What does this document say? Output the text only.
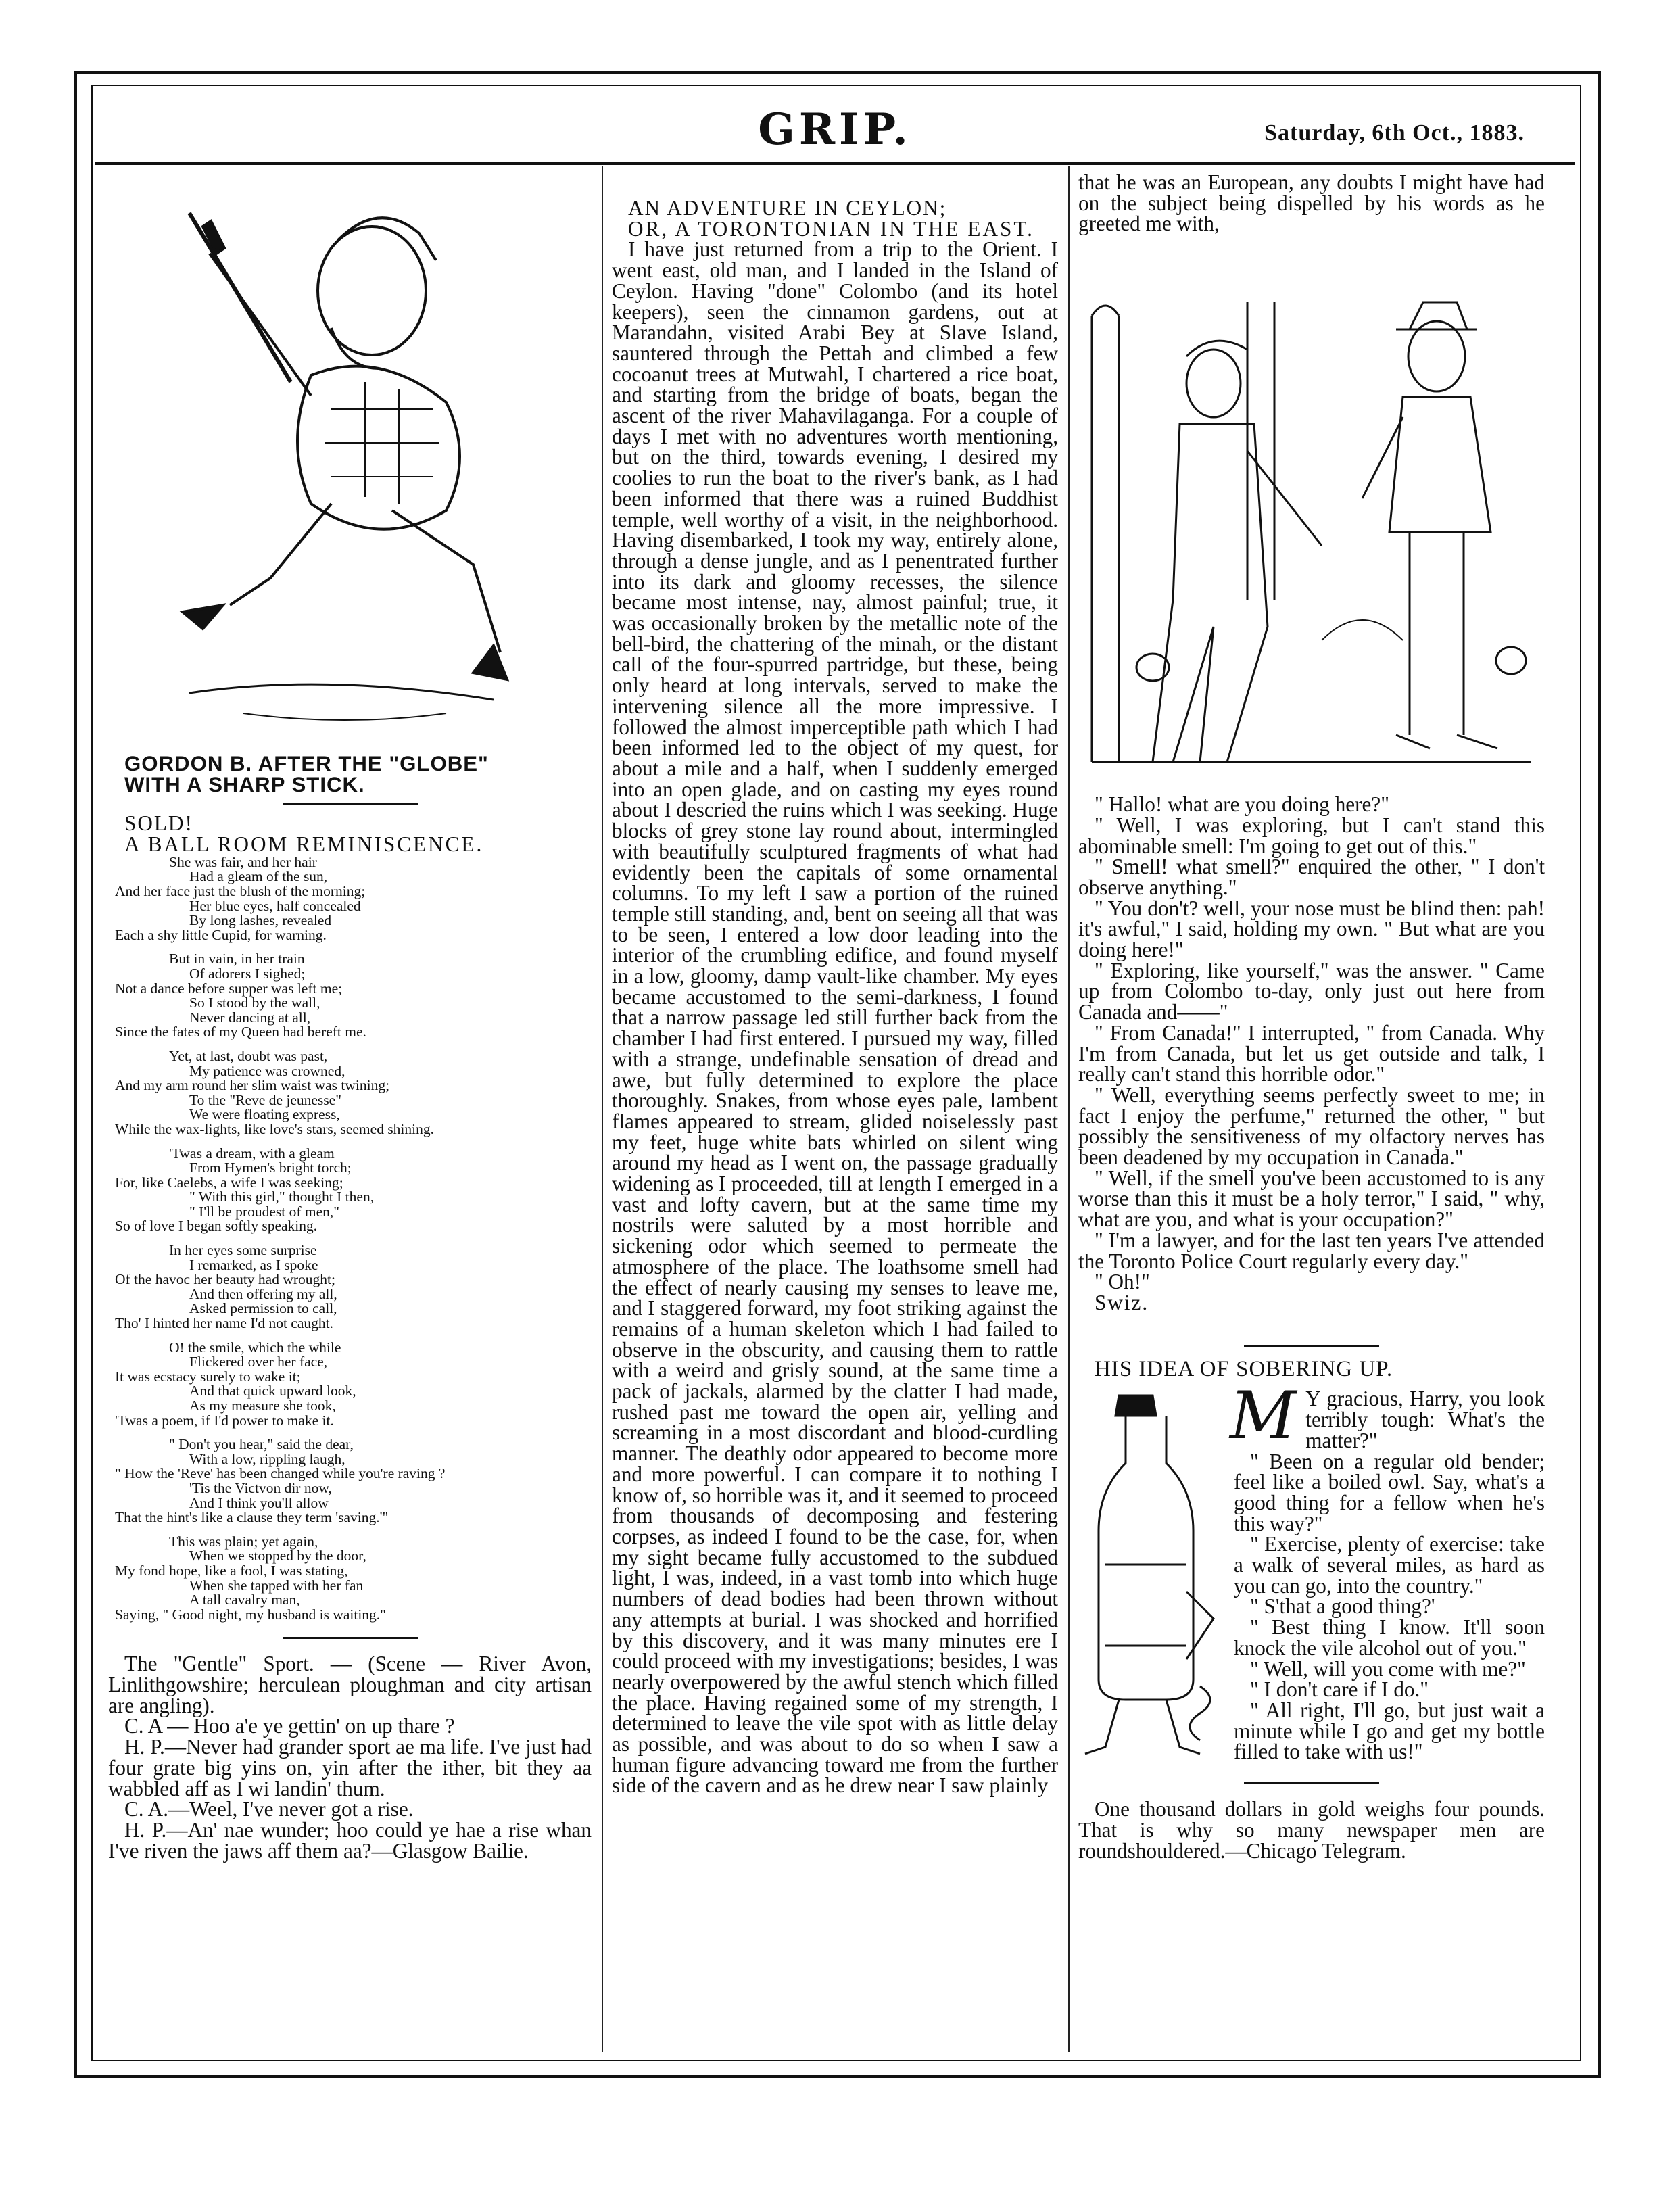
GRIP.	Saturday, 6th Oct., 1883.

GORDON B. AFTER THE "GLOBE"

WITH A SHARP STICK.

SOLD!

A BALL ROOM REMINISCENCE.

She was fair, and her hair
Had a gleam of the sun,
And her face just the blush of the morning;
Her blue eyes, half concealed
By long lashes, revealed
Each a shy little Cupid, for warning.
But in vain, in her train
Of adorers I sighed;
Not a dance before supper was left me;
So I stood by the wall,
Never dancing at all,
Since the fates of my Queen had bereft me.
Yet, at last, doubt was past,
My patience was crowned,
And my arm round her slim waist was twining;
To the "Reve de jeunesse"
We were floating express,
While the wax-lights, like love's stars, seemed shining.
'Twas a dream, with a gleam
From Hymen's bright torch;
For, like Caelebs, a wife I was seeking;
" With this girl," thought I then,
" I'll be proudest of men,"
So of love I began softly speaking.
In her eyes some surprise
I remarked, as I spoke
Of the havoc her beauty had wrought;
And then offering my all,
Asked permission to call,
Tho' I hinted her name I'd not caught.
O! the smile, which the while
Flickered over her face,
It was ecstacy surely to wake it;
And that quick upward look,
As my measure she took,
'Twas a poem, if I'd power to make it.
" Don't you hear," said the dear,
With a low, rippling laugh,
" How the 'Reve' has been changed while you're raving ?
'Tis the Victvon dir now,
And I think you'll allow
That the hint's like a clause they term 'saving.'"
This was plain; yet again,
When we stopped by the door,
My fond hope, like a fool, I was stating,
When she tapped with her fan
A tall cavalry man,
Saying, " Good night, my husband is waiting."

The "Gentle" Sport. — (Scene — River Avon, Linlithgowshire; herculean ploughman and city artisan are angling).

C. A — Hoo a'e ye gettin' on up thare ?

H. P.—Never had grander sport ae ma life. I've just had four grate big yins on, yin after the ither, bit they aa wabbled aff as I wi landin' thum.

C. A.—Weel, I've never got a rise.

H. P.—An' nae wunder; hoo could ye hae a rise whan I've riven the jaws aff them aa?—Glasgow Bailie.

AN ADVENTURE IN CEYLON;

OR, A TORONTONIAN IN THE EAST.

I have just returned from a trip to the Orient. I went east, old man, and I landed in the Island of Ceylon. Having "done" Colombo (and its hotel keepers), seen the cinnamon gardens, out at Marandahn, visited Arabi Bey at Slave Island, sauntered through the Pettah and climbed a few cocoanut trees at Mutwahl, I chartered a rice boat, and starting from the bridge of boats, began the ascent of the river Mahavilaganga. For a couple of days I met with no adventures worth mentioning, but on the third, towards evening, I desired my coolies to run the boat to the river's bank, as I had been informed that there was a ruined Buddhist temple, well worthy of a visit, in the neighborhood. Having disembarked, I took my way, entirely alone, through a dense jungle, and as I penentrated further into its dark and gloomy recesses, the silence became most intense, nay, almost painful; true, it was occasionally broken by the metallic note of the bell-bird, the chattering of the minah, or the distant call of the four-spurred partridge, but these, being only heard at long intervals, served to make the intervening silence all the more impressive. I followed the almost imperceptible path which I had been informed led to the object of my quest, for about a mile and a half, when I suddenly emerged into an open glade, and on casting my eyes round about I descried the ruins which I was seeking. Huge blocks of grey stone lay round about, intermingled with beautifully sculptured fragments of what had evidently been the capitals of some ornamental columns. To my left I saw a portion of the ruined temple still standing, and, bent on seeing all that was to be seen, I entered a low door leading into the interior of the crumbling edifice, and found myself in a low, gloomy, damp vault-like chamber. My eyes became accustomed to the semi-darkness, I found that a narrow passage led still further back from the chamber I had first entered. I pursued my way, filled with a strange, undefinable sensation of dread and awe, but fully determined to explore the place thoroughly. Snakes, from whose eyes pale, lambent flames appeared to stream, glided noiselessly past my feet, huge white bats whirled on silent wing around my head as I went on, the passage gradually widening as I proceeded, till at length I emerged in a vast and lofty cavern, but at the same time my nostrils were saluted by a most horrible and sickening odor which seemed to permeate the atmosphere of the place. The loathsome smell had the effect of nearly causing my senses to leave me, and I staggered forward, my foot striking against the remains of a human skeleton which I had failed to observe in the obscurity, and causing them to rattle with a weird and grisly sound, at the same time a pack of jackals, alarmed by the clatter I had made, rushed past me toward the open air, yelling and screaming in a most discordant and blood-curdling manner. The deathly odor appeared to become more and more powerful. I can compare it to nothing I know of, so horrible was it, and it seemed to proceed from thousands of decomposing and festering corpses, as indeed I found to be the case, for, when my sight became fully accustomed to the subdued light, I was, indeed, in a vast tomb into which huge numbers of dead bodies had been thrown without any attempts at burial. I was shocked and horrified by this discovery, and it was many minutes ere I could proceed with my investigations; besides, I was nearly overpowered by the awful stench which filled the place. Having regained some of my strength, I determined to leave the vile spot with as little delay as possible, and was about to do so when I saw a human figure advancing toward me from the further side of the cavern and as he drew near I saw plainly

that he was an European, any doubts I might have had on the subject being dispelled by his words as he greeted me with,

" Hallo! what are you doing here?"

" Well, I was exploring, but I can't stand this abominable smell: I'm going to get out of this."

" Smell! what smell?" enquired the other, " I don't observe anything."

" You don't? well, your nose must be blind then: pah! it's awful," I said, holding my own. " But what are you doing here!"

" Exploring, like yourself," was the answer. " Came up from Colombo to-day, only just out here from Canada and——"

" From Canada!" I interrupted, " from Canada. Why I'm from Canada, but let us get outside and talk, I really can't stand this horrible odor."

" Well, everything seems perfectly sweet to me; in fact I enjoy the perfume," returned the other, " but possibly the sensitiveness of my olfactory nerves has been deadened by my occupation in Canada."

" Well, if the smell you've been accustomed to is any worse than this it must be a holy terror," I said, " why, what are you, and what is your occupation?"

" I'm a lawyer, and for the last ten years I've attended the Toronto Police Court regularly every day."

" Oh!"

Swiz.

HIS IDEA OF SOBERING UP.

M Y gracious, Harry, you look terribly tough: What's the matter?"

" Been on a regular old bender; feel like a boiled owl. Say, what's a good thing for a fellow when he's this way?"

" Exercise, plenty of exercise: take a walk of several miles, as hard as you can go, into the country."

" S'that a good thing?'

" Best thing I know. It'll soon knock the vile alcohol out of you."

" Well, will you come with me?"

" I don't care if I do."

" All right, I'll go, but just wait a minute while I go and get my bottle filled to take with us!"

One thousand dollars in gold weighs four pounds. That is why so many newspaper men are roundshouldered.—Chicago Telegram.
